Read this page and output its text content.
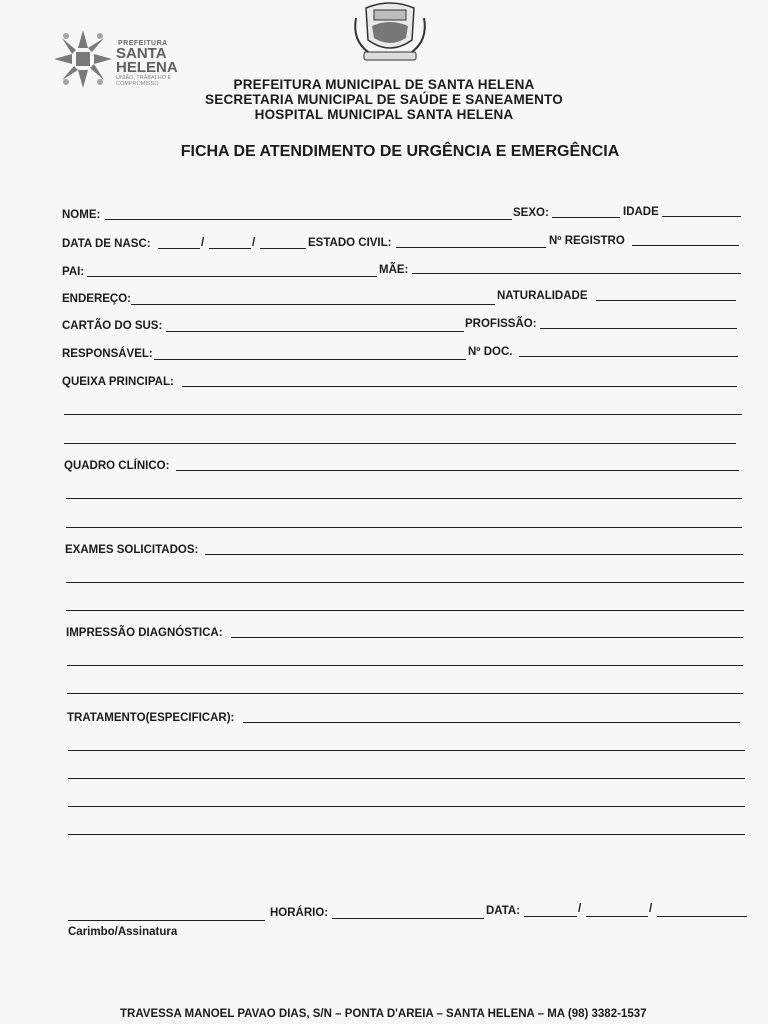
PREFEITURA
SANTA
HELENA
UNIÃO, TRABALHO E COMPROMISSO	PREFEITURA MUNICIPAL DE SANTA HELENA
SECRETARIA MUNICIPAL DE SAÚDE E SANEAMENTO
HOSPITAL MUNICIPAL SANTA HELENA
FICHA DE ATENDIMENTO DE URGÊNCIA E EMERGÊNCIA
NOME:	SEXO:	IDADE
DATA DE NASC:	/	/	ESTADO CIVIL:	Nº REGISTRO
PAI:	MÃE:
ENDEREÇO:	NATURALIDADE
CARTÃO DO SUS:	PROFISSÃO:
RESPONSÁVEL:	Nº DOC.
QUEIXA PRINCIPAL:
QUADRO CLÍNICO:
EXAMES SOLICITADOS:
IMPRESSÃO DIAGNÓSTICA:
TRATAMENTO(ESPECIFICAR):
HORÁRIO:	DATA:	/	/
Carimbo/Assinatura
TRAVESSA MANOEL PAVAO DIAS, S/N – PONTA D'AREIA – SANTA HELENA – MA (98) 3382-1537
